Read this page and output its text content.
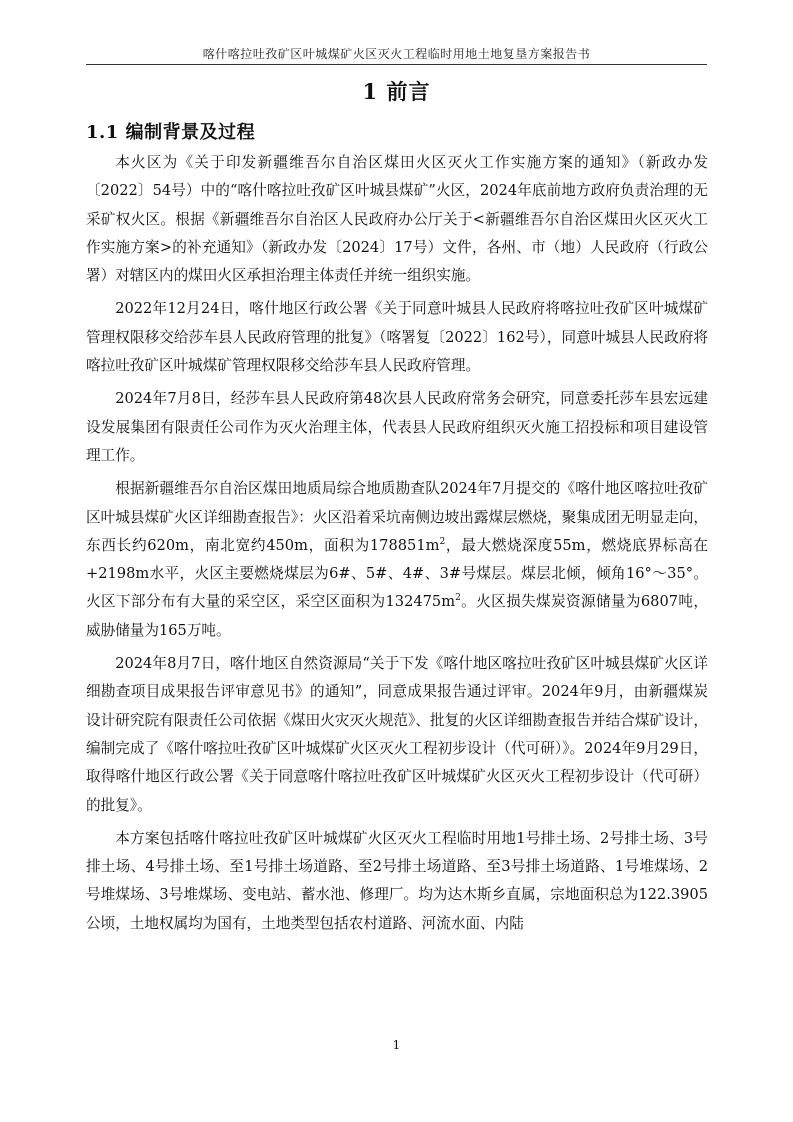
喀什喀拉吐孜矿区叶城煤矿火区灭火工程临时用地土地复垦方案报告书
1 前言
1.1 编制背景及过程

本火区为《关于印发新疆维吾尔自治区煤田火区灭火工作实施方案的通知》（新政办发〔2022〕54号）中的“喀什喀拉吐孜矿区叶城县煤矿”火区，2024年底前地方政府负责治理的无采矿权火区。根据《新疆维吾尔自治区人民政府办公厅关于<新疆维吾尔自治区煤田火区灭火工作实施方案>的补充通知》（新政办发〔2024〕17号）文件，各州、市（地）人民政府（行政公署）对辖区内的煤田火区承担治理主体责任并统一组织实施。

2022年12月24日，喀什地区行政公署《关于同意叶城县人民政府将喀拉吐孜矿区叶城煤矿管理权限移交给莎车县人民政府管理的批复》（喀署复〔2022〕162号），同意叶城县人民政府将喀拉吐孜矿区叶城煤矿管理权限移交给莎车县人民政府管理。

2024年7月8日，经莎车县人民政府第48次县人民政府常务会研究，同意委托莎车县宏远建设发展集团有限责任公司作为灭火治理主体，代表县人民政府组织灭火施工招投标和项目建设管理工作。

根据新疆维吾尔自治区煤田地质局综合地质勘查队2024年7月提交的《喀什地区喀拉吐孜矿区叶城县煤矿火区详细勘查报告》：火区沿着采坑南侧边坡出露煤层燃烧，聚集成团无明显走向，东西长约620m，南北宽约450m，面积为$178851m^2$，最大燃烧深度55m，燃烧底界标高在+2198m水平，火区主要燃烧煤层为6#、5#、4#、3#号煤层。煤层北倾，倾角16°～35°。火区下部分布有大量的采空区，采空区面积为$132475m^2$。火区损失煤炭资源储量为6807吨，威胁储量为165万吨。

2024年8月7日，喀什地区自然资源局“关于下发《喀什地区喀拉吐孜矿区叶城县煤矿火区详细勘查项目成果报告评审意见书》的通知”，同意成果报告通过评审。2024年9月，由新疆煤炭设计研究院有限责任公司依据《煤田火灾灭火规范》、批复的火区详细勘查报告并结合煤矿设计，编制完成了《喀什喀拉吐孜矿区叶城煤矿火区灭火工程初步设计（代可研）》。2024年9月29日，取得喀什地区行政公署《关于同意喀什喀拉吐孜矿区叶城煤矿火区灭火工程初步设计（代可研）的批复》。

本方案包括喀什喀拉吐孜矿区叶城煤矿火区灭火工程临时用地1号排土场、2号排土场、3号排土场、4号排土场、至1号排土场道路、至2号排土场道路、至3号排土场道路、1号堆煤场、2号堆煤场、3号堆煤场、变电站、蓄水池、修理厂。均为达木斯乡直属，宗地面积总为122.3905公顷，土地权属均为国有，土地类型包括农村道路、河流水面、内陆

1
